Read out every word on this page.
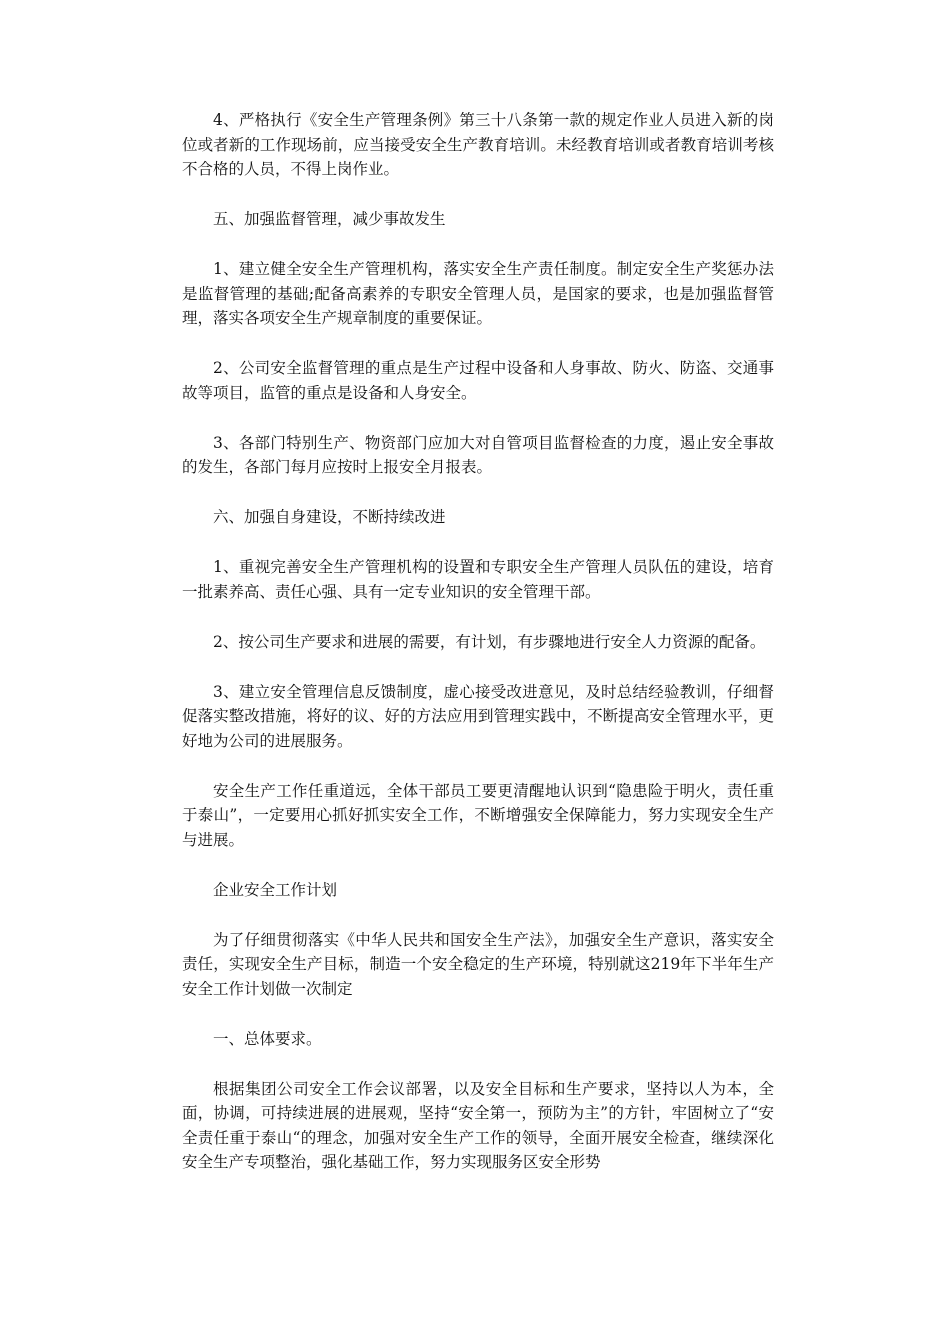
4、严格执行《安全生产管理条例》第三十八条第一款的规定作业人员进入新的岗位或者新的工作现场前，应当接受安全生产教育培训。未经教育培训或者教育培训考核不合格的人员，不得上岗作业。

五、加强监督管理，减少事故发生

1、建立健全安全生产管理机构，落实安全生产责任制度。制定安全生产奖惩办法是监督管理的基础;配备高素养的专职安全管理人员，是国家的要求，也是加强监督管理，落实各项安全生产规章制度的重要保证。

2、公司安全监督管理的重点是生产过程中设备和人身事故、防火、防盗、交通事故等项目，监管的重点是设备和人身安全。

3、各部门特别生产、物资部门应加大对自管项目监督检查的力度，遏止安全事故的发生，各部门每月应按时上报安全月报表。

六、加强自身建设，不断持续改进

1、重视完善安全生产管理机构的设置和专职安全生产管理人员队伍的建设，培育一批素养高、责任心强、具有一定专业知识的安全管理干部。

2、按公司生产要求和进展的需要，有计划，有步骤地进行安全人力资源的配备。

3、建立安全管理信息反馈制度，虚心接受改进意见，及时总结经验教训，仔细督促落实整改措施，将好的议、好的方法应用到管理实践中，不断提高安全管理水平，更好地为公司的进展服务。

安全生产工作任重道远，全体干部员工要更清醒地认识到“隐患险于明火，责任重于泰山”，一定要用心抓好抓实安全工作，不断增强安全保障能力，努力实现安全生产与进展。

企业安全工作计划

为了仔细贯彻落实《中华人民共和国安全生产法》，加强安全生产意识，落实安全责任，实现安全生产目标，制造一个安全稳定的生产环境，特别就这219年下半年生产安全工作计划做一次制定

一、总体要求。

根据集团公司安全工作会议部署，以及安全目标和生产要求，坚持以人为本，全面，协调，可持续进展的进展观，坚持“安全第一，预防为主”的方针，牢固树立了“安全责任重于泰山“的理念，加强对安全生产工作的领导，全面开展安全检查，继续深化安全生产专项整治，强化基础工作，努力实现服务区安全形势
